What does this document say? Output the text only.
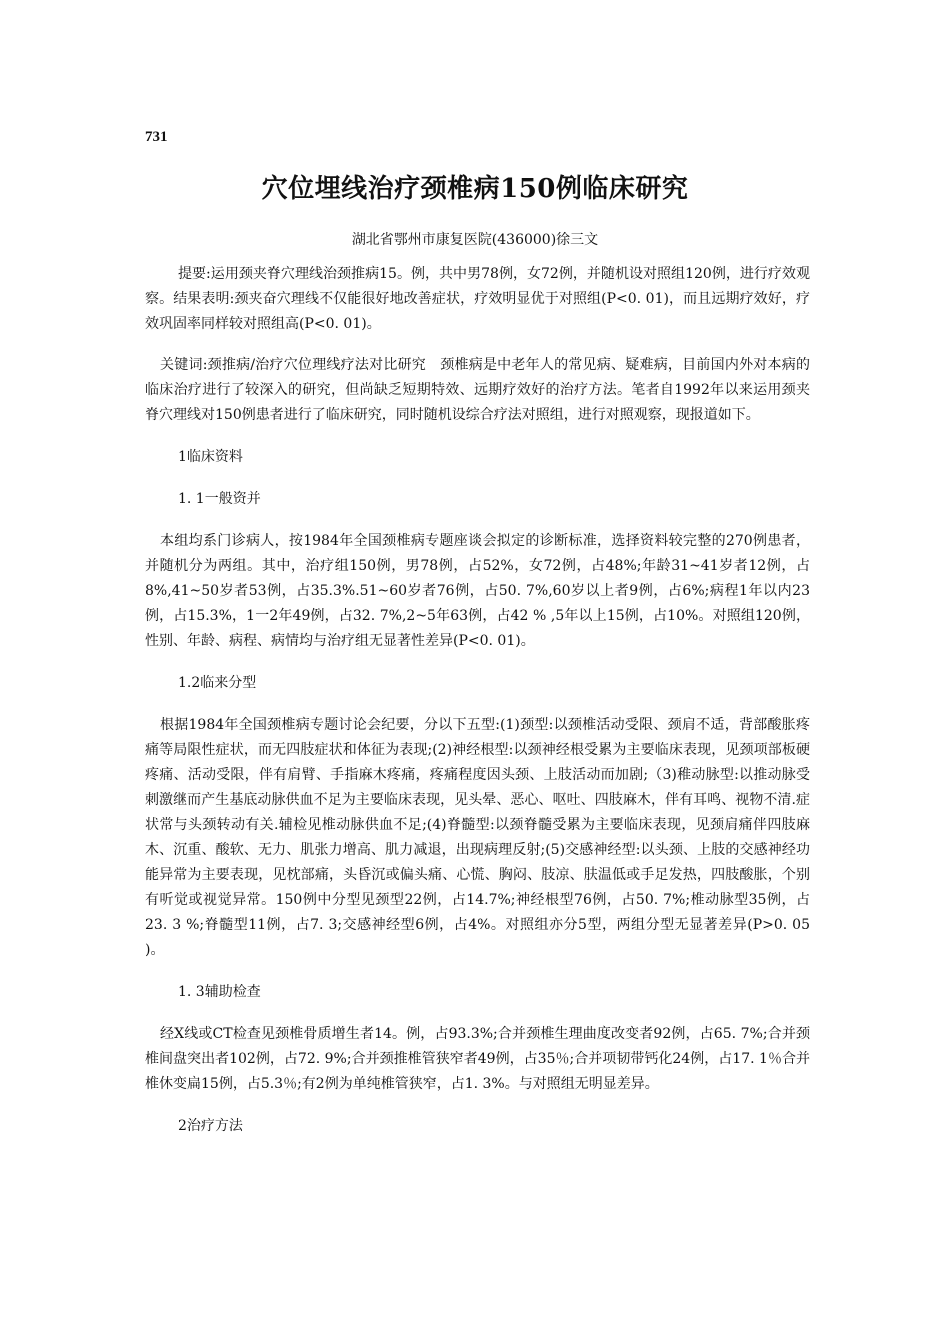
731
穴位埋线治疗颈椎病150例临床研究
湖北省鄂州市康复医院(436000)徐三文

提要:运用颈夹脊穴理线治颈推病15。例，共中男78例，女72例，并随机设对照组120例，进行疗效观察。结果表明:颈夹奋穴理线不仅能很好地改善症状，疗效明显优于对照组(P<0. 01)，而且远期疗效好，疗效巩固率同样较对照组高(P<0. 01)。

关键词:颈推病/治疗穴位理线疗法对比研究　颈椎病是中老年人的常见病、疑难病，目前国内外对本病的临床治疗进行了较深入的研究，但尚缺乏短期特效、远期疗效好的治疗方法。笔者自1992年以来运用颈夹脊穴理线对150例患者进行了临床研究，同时随机设综合疗法对照组，进行对照观察，现报道如下。

1临床资料

1. 1一般资并

本组均系门诊病人，按1984年全国颈椎病专题座谈会拟定的诊断标准，选择资料较完整的270例患者，并随机分为两组。其中，治疗组150例，男78例，占52%，女72例，占48%;年龄31~41岁者12例，占8%,41~50岁者53例，占35.3%.51~60岁者76例，占50. 7%,60岁以上者9例，占6%;病程1年以内23例，占15.3%，1一2年49例，占32. 7%,2~5年63例，占42 % ,5年以上15例，占10%。对照组120例，性别、年龄、病程、病情均与治疗组无显著性差异(P<0. 01)。

1.2临来分型

根据1984年全国颈椎病专题讨论会纪要，分以下五型:(1)颈型:以颈椎活动受限、颈肩不适，背部酸胀疼痛等局限性症状，而无四肢症状和体征为表现;(2)神经根型:以颈神经根受累为主要临床表现，见颈项部板硬疼痛、活动受限，伴有肩臂、手指麻木疼痛，疼痛程度因头颈、上肢活动而加剧;（3)稚动脉型:以推动脉受刺激继而产生基底动脉供血不足为主要临床表现，见头晕、恶心、呕吐、四肢麻木，伴有耳鸣、视物不清.症状常与头颈转动有关.辅检见椎动脉供血不足;(4)脊髓型:以颈脊髓受累为主要临床表现，见颈肩痛伴四肢麻木、沉重、酸软、无力、肌张力增高、肌力减退，出现病理反射;(5)交感神经型:以头颈、上肢的交感神经功能异常为主要表现，见枕部痛，头昏沉或偏头痛、心慌、胸闷、肢凉、肤温低或手足发热，四肢酸胀，个别有听觉或视觉异常。150例中分型见颈型22例，占14.7%;神经根型76例，占50. 7%;椎动脉型35例，占23. 3 %;脊髓型11例，占7. 3;交感神经型6例，占4%。对照组亦分5型，两组分型无显著差异(P>0. 05 )。

1. 3辅助检查

经X线或CT检查见颈椎骨质增生者14。例，占93.3%;合并颈椎生理曲度改变者92例，占65. 7%;合并颈椎间盘突出者102例，占72. 9%;合并颈推椎管狭窄者49例，占35％;合并项韧带钙化24例，占17. 1％合并椎休变扁15例，占5.3％;有2例为单纯椎管狭窄，占1. 3%。与对照组无明显差异。

2治疗方法
